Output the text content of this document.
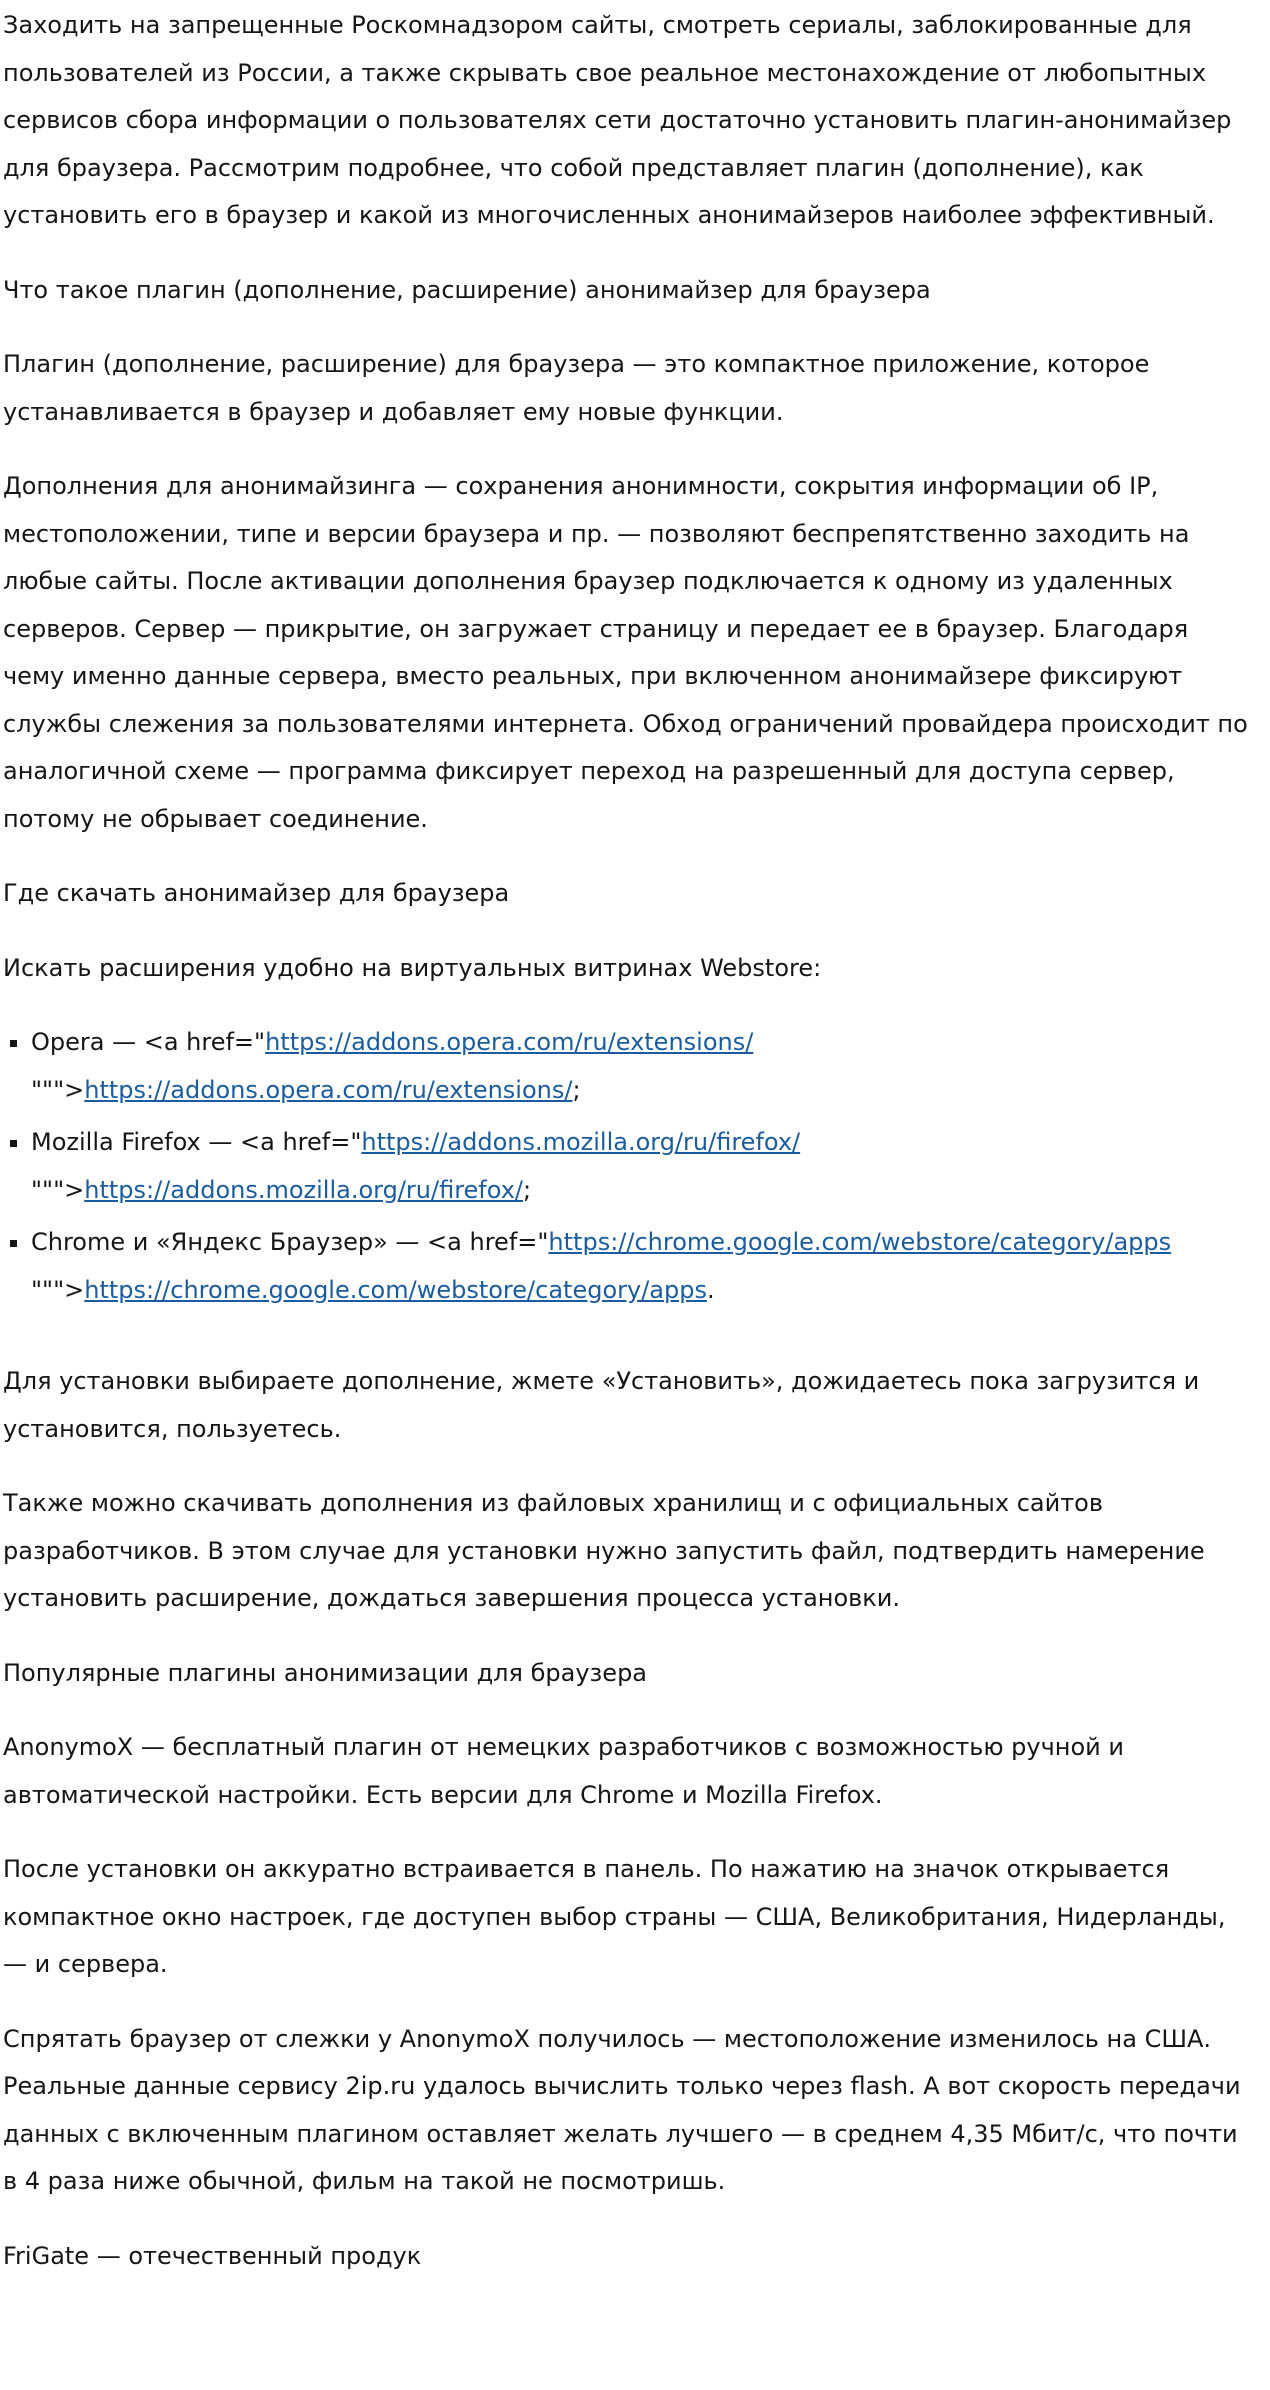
Заходить на запрещенные Роскомнадзором сайты, смотреть сериалы, заблокированные для пользователей из России, а также скрывать свое реальное местонахождение от любопытных сервисов сбора информации о пользователях сети достаточно установить плагин-анонимайзер для браузера. Рассмотрим подробнее, что собой представляет плагин (дополнение), как установить его в браузер и какой из многочисленных анонимайзеров наиболее эффективный.

Что такое плагин (дополнение, расширение) анонимайзер для браузера

Плагин (дополнение, расширение) для браузера — это компактное приложение, которое устанавливается в браузер и добавляет ему новые функции.

Дополнения для анонимайзинга — сохранения анонимности, сокрытия информации об IP, местоположении, типе и версии браузера и пр. — позволяют беспрепятственно заходить на любые сайты. После активации дополнения браузер подключается к одному из удаленных серверов. Сервер — прикрытие, он загружает страницу и передает ее в браузер. Благодаря чему именно данные сервера, вместо реальных, при включенном анонимайзере фиксируют службы слежения за пользователями интернета. Обход ограничений провайдера происходит по аналогичной схеме — программа фиксирует переход на разрешенный для доступа сервер, потому не обрывает соединение.

Где скачать анонимайзер для браузера

Искать расширения удобно на виртуальных витринах Webstore:

▪ Opera — <a href="https://addons.opera.com/ru/extensions/ """>https://addons.opera.com/ru/extensions/;
▪ Mozilla Firefox — <a href="https://addons.mozilla.org/ru/firefox/ """>https://addons.mozilla.org/ru/firefox/;
▪ Chrome и «Яндекс Браузер» — <a href="https://chrome.google.com/webstore/category/apps """>https://chrome.google.com/webstore/category/apps.

Для установки выбираете дополнение, жмете «Установить», дожидаетесь пока загрузится и установится, пользуетесь.

Также можно скачивать дополнения из файловых хранилищ и с официальных сайтов разработчиков. В этом случае для установки нужно запустить файл, подтвердить намерение установить расширение, дождаться завершения процесса установки.

Популярные плагины анонимизации для браузера

AnonymoX — бесплатный плагин от немецких разработчиков с возможностью ручной и автоматической настройки. Есть версии для Chrome и Mozilla Firefox.

После установки он аккуратно встраивается в панель. По нажатию на значок открывается компактное окно настроек, где доступен выбор страны — США, Великобритания, Нидерланды, — и сервера.

Спрятать браузер от слежки у AnonymoX получилось — местоположение изменилось на США. Реальные данные сервису 2ip.ru удалось вычислить только через flash. А вот скорость передачи данных с включенным плагином оставляет желать лучшего — в среднем 4,35 Мбит/с, что почти в 4 раза ниже обычной, фильм на такой не посмотришь.

FriGate — отечественный продук
